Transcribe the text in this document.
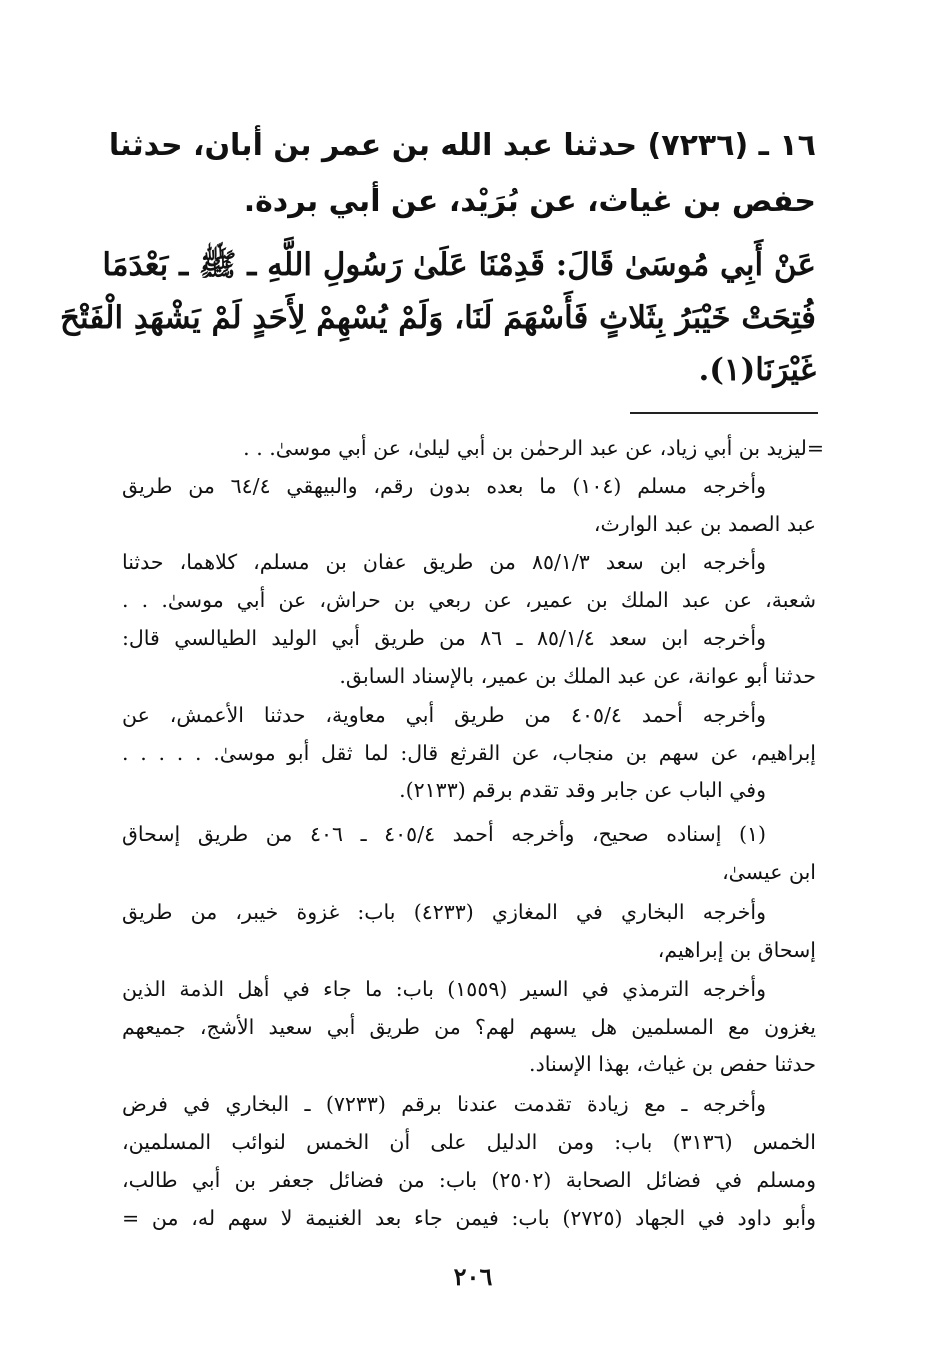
١٦ ـ (٧٢٣٦) حدثنا عبد الله بن عمر بن أبان، حدثنا
حفص بن غياث، عن بُرَيْد، عن أبي بردة.
عَنْ أَبِي مُوسَىٰ قَالَ: قَدِمْنَا عَلَىٰ رَسُولِ اللَّهِ ـ ﷺ ـ بَعْدَمَا
فُتِحَتْ خَيْبَرُ بِثَلاثٍ فَأَسْهَمَ لَنَا، وَلَمْ يُسْهِمْ لِأَحَدٍ لَمْ يَشْهَدِ الْفَتْحَ
غَيْرَنَا(١).
=ليزيد بن أبي زياد، عن عبد الرحمٰن بن أبي ليلىٰ، عن أبي موسىٰ. . .
وأخرجه مسلم (١٠٤) ما بعده بدون رقم، والبيهقي ٦٤/٤ من طريق
عبد الصمد بن عبد الوارث،
وأخرجه ابن سعد ٨٥/١/٣ من طريق عفان بن مسلم، كلاهما، حدثنا
شعبة، عن عبد الملك بن عمير، عن ربعي بن حراش، عن أبي موسىٰ. . .
وأخرجه ابن سعد ٨٥/١/٤ ـ ٨٦ من طريق أبي الوليد الطيالسي قال:
حدثنا أبو عوانة، عن عبد الملك بن عمير، بالإسناد السابق.
وأخرجه أحمد ٤٠٥/٤ من طريق أبي معاوية، حدثنا الأعمش، عن
إبراهيم، عن سهم بن منجاب، عن القرثع قال: لما ثقل أبو موسىٰ. . . . . .
وفي الباب عن جابر وقد تقدم برقم (٢١٣٣).
(١) إسناده صحيح، وأخرجه أحمد ٤٠٥/٤ ـ ٤٠٦ من طريق إسحاق
ابن عيسىٰ،
وأخرجه البخاري في المغازي (٤٢٣٣) باب: غزوة خيبر، من طريق
إسحاق بن إبراهيم،
وأخرجه الترمذي في السير (١٥٥٩) باب: ما جاء في أهل الذمة الذين
يغزون مع المسلمين هل يسهم لهم؟ من طريق أبي سعيد الأشج، جميعهم
حدثنا حفص بن غياث، بهذا الإسناد.
وأخرجه ـ مع زيادة تقدمت عندنا برقم (٧٢٣٣) ـ البخاري في فرض
الخمس (٣١٣٦) باب: ومن الدليل على أن الخمس لنوائب المسلمين،
ومسلم في فضائل الصحابة (٢٥٠٢) باب: من فضائل جعفر بن أبي طالب،
وأبو داود في الجهاد (٢٧٢٥) باب: فيمن جاء بعد الغنيمة لا سهم له، من =
٢٠٦
